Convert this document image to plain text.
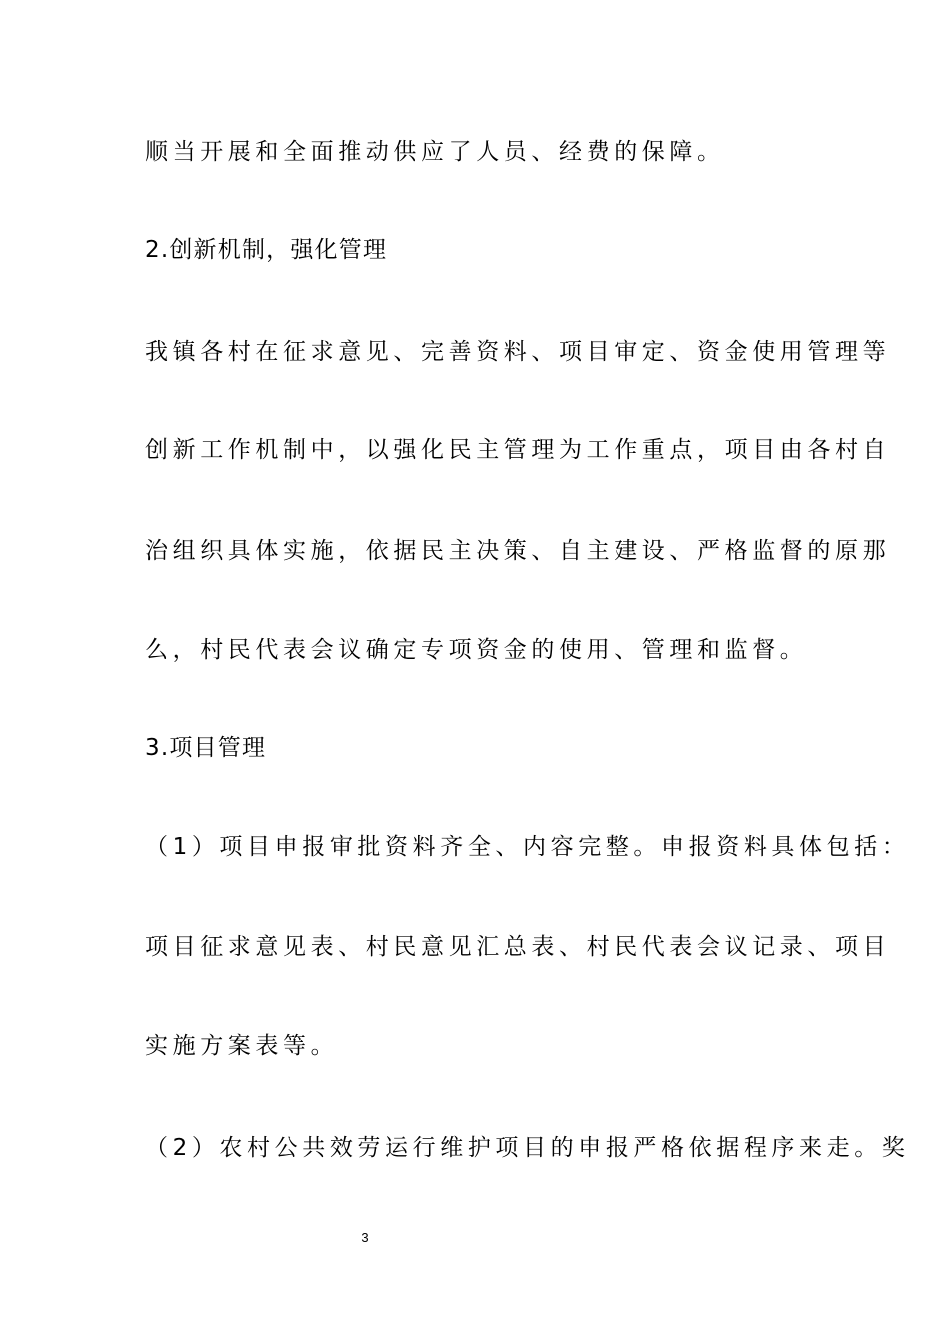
顺当开展和全面推动供应了人员、经费的保障。
2.创新机制，强化管理
我镇各村在征求意见、完善资料、项目审定、资金使用管理等
创新工作机制中，以强化民主管理为工作重点，项目由各村自
治组织具体实施，依据民主决策、自主建设、严格监督的原那
么，村民代表会议确定专项资金的使用、管理和监督。
3.项目管理
（1）项目申报审批资料齐全、内容完整。申报资料具体包括：
项目征求意见表、村民意见汇总表、村民代表会议记录、项目
实施方案表等。
（2）农村公共效劳运行维护项目的申报严格依据程序来走。奖
3
